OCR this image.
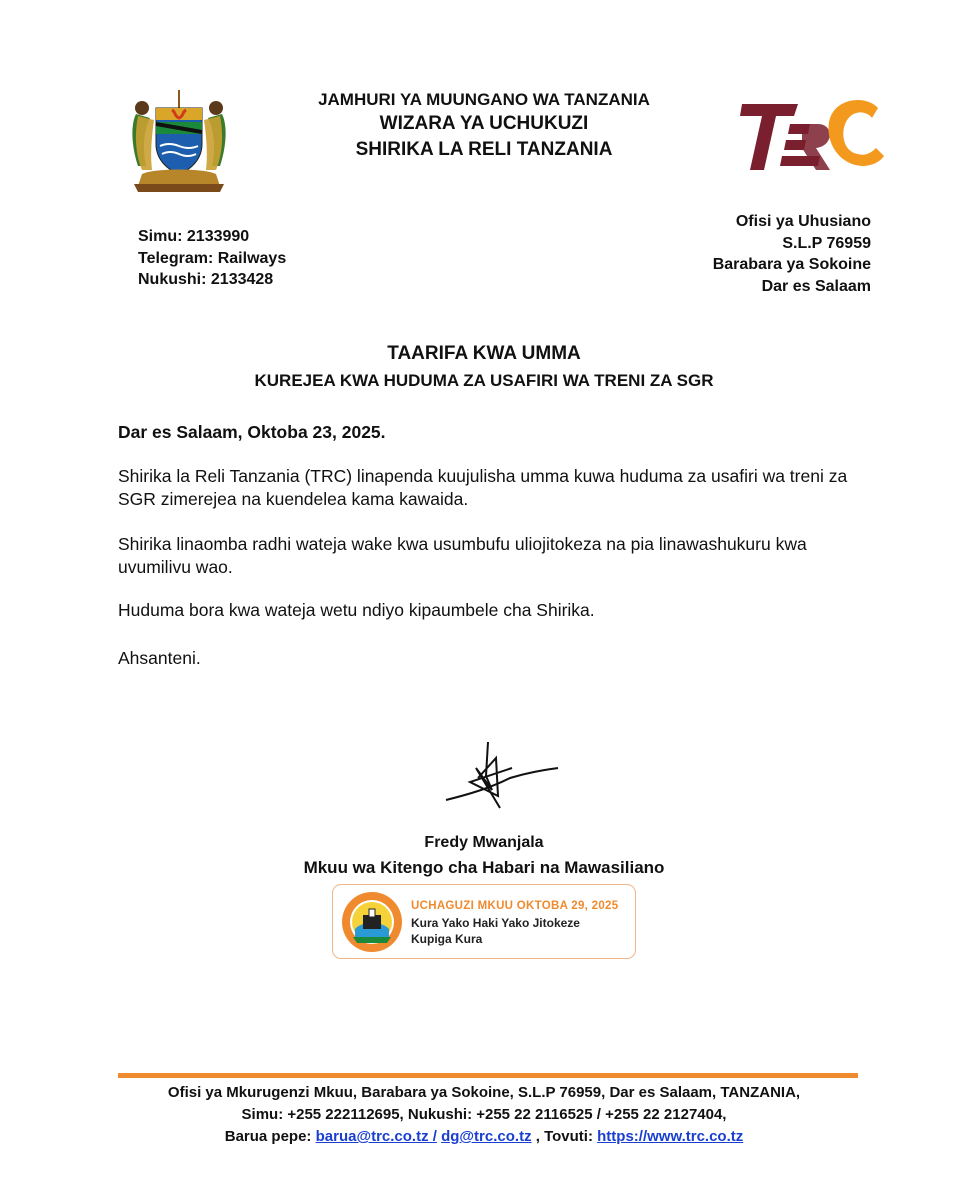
TRC
JAMHURI YA MUUNGANO WA TANZANIA
WIZARA YA UCHUKUZI
SHIRIKA LA RELI TANZANIA
Simu: 2133990
Telegram: Railways
Nukushi: 2133428
Ofisi ya Uhusiano
S.L.P 76959
Barabara ya Sokoine
Dar es Salaam
TAARIFA KWA UMMA
KUREJEA KWA HUDUMA ZA USAFIRI WA TRENI ZA SGR
Dar es Salaam, Oktoba 23, 2025.
Shirika la Reli Tanzania (TRC) linapenda kuujulisha umma kuwa huduma za usafiri wa treni za SGR zimerejea na kuendelea kama kawaida.
Shirika linaomba radhi wateja wake kwa usumbufu uliojitokeza na pia linawashukuru kwa uvumilivu wao.
Huduma bora kwa wateja wetu ndiyo kipaumbele cha Shirika.
Ahsanteni.
Fredy Mwanjala
Mkuu wa Kitengo cha Habari na Mawasiliano
UCHAGUZI MKUU OKTOBA 29, 2025
Kura Yako Haki Yako Jitokeze
Kupiga Kura
Ofisi ya Mkurugenzi Mkuu, Barabara ya Sokoine, S.L.P 76959, Dar es Salaam, TANZANIA,
Simu: +255 222112695, Nukushi: +255 22 2116525 / +255 22 2127404,
Barua pepe: barua@trc.co.tz / dg@trc.co.tz , Tovuti: https://www.trc.co.tz
